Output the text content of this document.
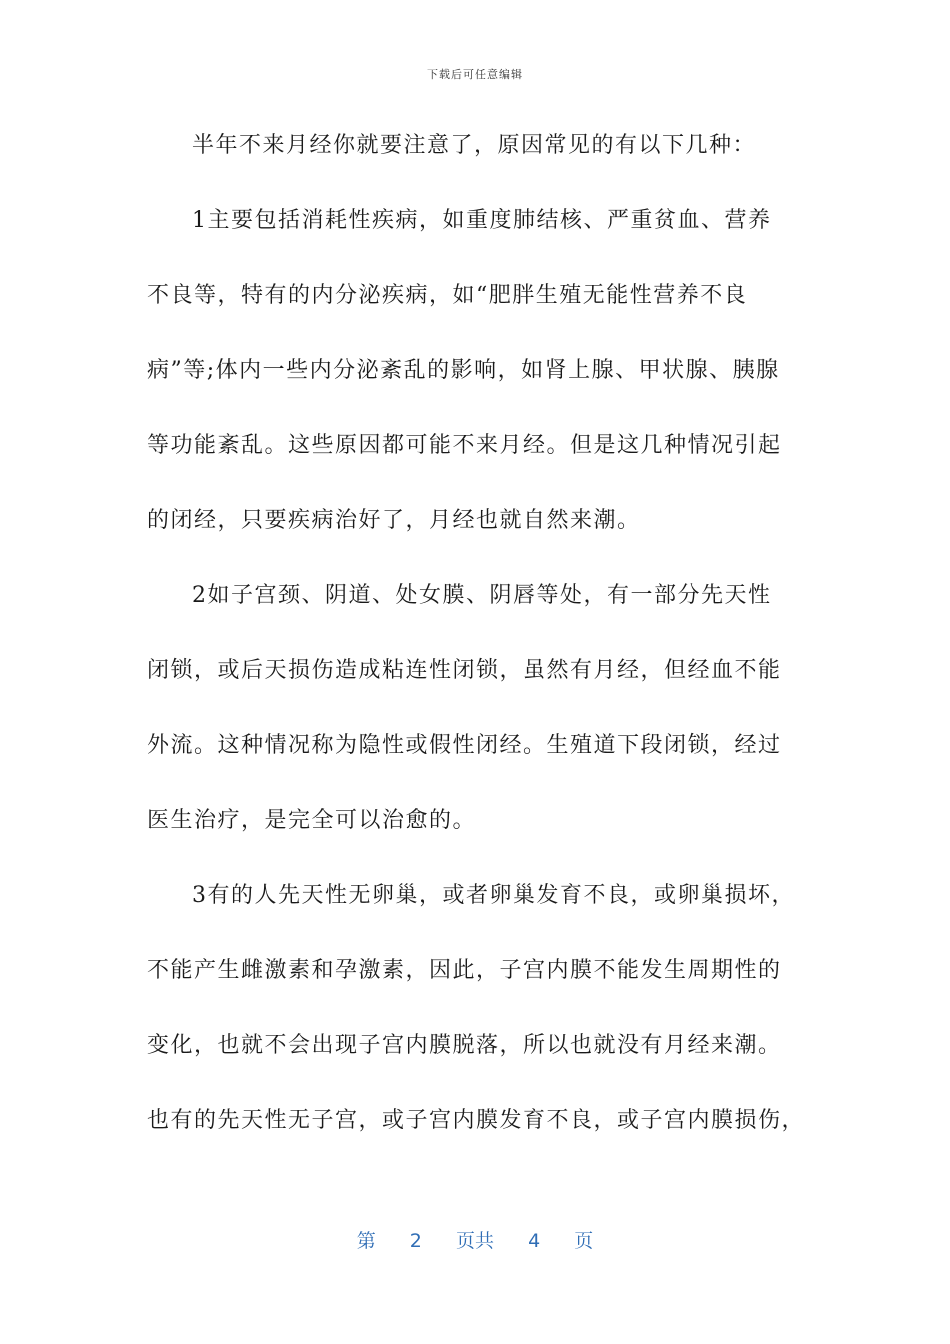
下载后可任意编辑
半年不来月经你就要注意了，原因常见的有以下几种：
1主要包括消耗性疾病，如重度肺结核、严重贫血、营养
不良等，特有的内分泌疾病，如“肥胖生殖无能性营养不良
病”等;体内一些内分泌紊乱的影响，如肾上腺、甲状腺、胰腺
等功能紊乱。这些原因都可能不来月经。但是这几种情况引起
的闭经，只要疾病治好了，月经也就自然来潮。
2如子宫颈、阴道、处女膜、阴唇等处，有一部分先天性
闭锁，或后天损伤造成粘连性闭锁，虽然有月经，但经血不能
外流。这种情况称为隐性或假性闭经。生殖道下段闭锁，经过
医生治疗，是完全可以治愈的。
3有的人先天性无卵巢，或者卵巢发育不良，或卵巢损坏，
不能产生雌激素和孕激素，因此，子宫内膜不能发生周期性的
变化，也就不会出现子宫内膜脱落，所以也就没有月经来潮。
也有的先天性无子宫，或子宫内膜发育不良，或子宫内膜损伤，
第 2 页共 4 页
